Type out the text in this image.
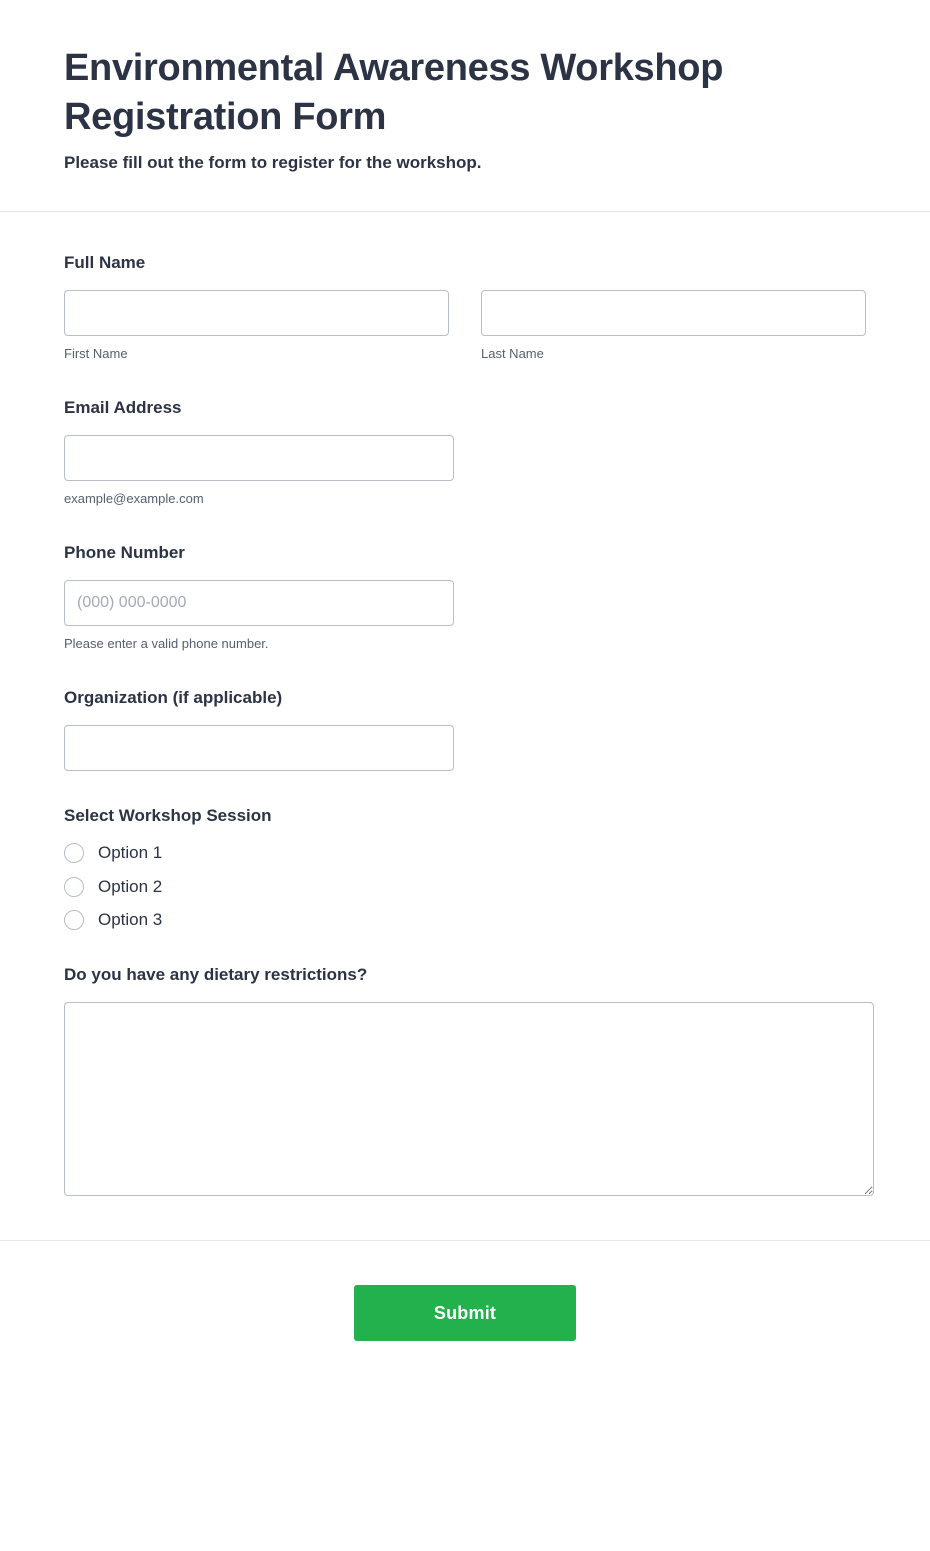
Environmental Awareness Workshop Registration Form

Please fill out the form to register for the workshop.

Full Name
First Name	Last Name
Email Address
example@example.com
Phone Number
(000) 000-0000
Please enter a valid phone number.
Organization (if applicable)
Select Workshop Session
Option 1
Option 2
Option 3
Do you have any dietary restrictions?
Submit
